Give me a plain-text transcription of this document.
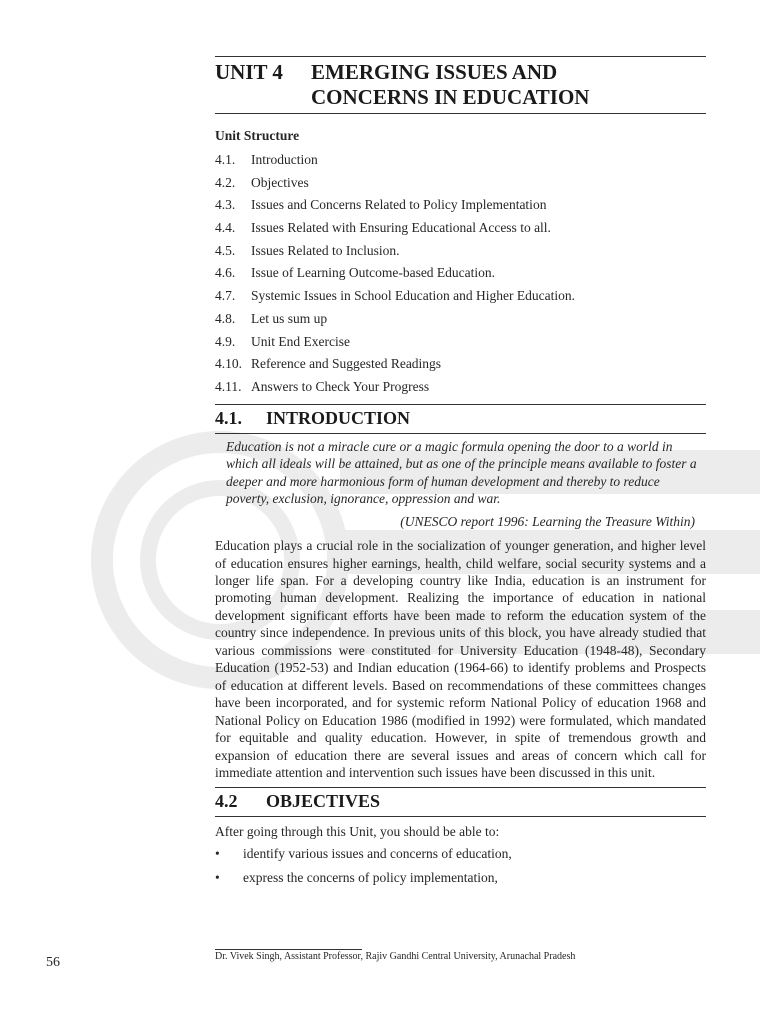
UNIT 4	EMERGING ISSUES AND
CONCERNS IN EDUCATION
Unit Structure
4.1.	Introduction
4.2.	Objectives
4.3.	Issues and Concerns Related to Policy Implementation
4.4.	Issues Related with Ensuring Educational Access to all.
4.5.	Issues Related to Inclusion.
4.6.	Issue of Learning Outcome-based Education.
4.7.	Systemic Issues in School Education and Higher Education.
4.8.	Let us sum up
4.9.	Unit End Exercise
4.10. Reference and Suggested Readings
4.11. Answers to Check Your Progress
4.1.	INTRODUCTION
Education is not a miracle cure or a magic formula opening the door to a world in which all ideals will be attained, but as one of the principle means available to foster a deeper and more harmonious form of human development and thereby to reduce poverty, exclusion, ignorance, oppression and war.
(UNESCO report 1996: Learning the Treasure Within)
Education plays a crucial role in the socialization of younger generation, and higher level of education ensures higher earnings, health, child welfare, social security systems and a longer life span. For a developing country like India, education is an instrument for promoting human development. Realizing the importance of education in national development significant efforts have been made to reform the education system of the country since independence. In previous units of this block, you have already studied that various commissions were constituted for University Education (1948-48), Secondary Education (1952-53) and Indian education (1964-66) to identify problems and Prospects of education at different levels. Based on recommendations of these committees changes have been incorporated, and for systemic reform National Policy of education 1968 and National Policy on Education 1986 (modified in 1992) were formulated, which mandated for equitable and quality education. However, in spite of tremendous growth and expansion of education there are several issues and areas of concern which call for immediate attention and intervention such issues have been discussed in this unit.
4.2	OBJECTIVES
After going through this Unit, you should be able to:
•	identify various issues and concerns of education,
•	express the concerns of policy implementation,
Dr. Vivek Singh, Assistant Professor, Rajiv Gandhi Central University, Arunachal Pradesh
56
